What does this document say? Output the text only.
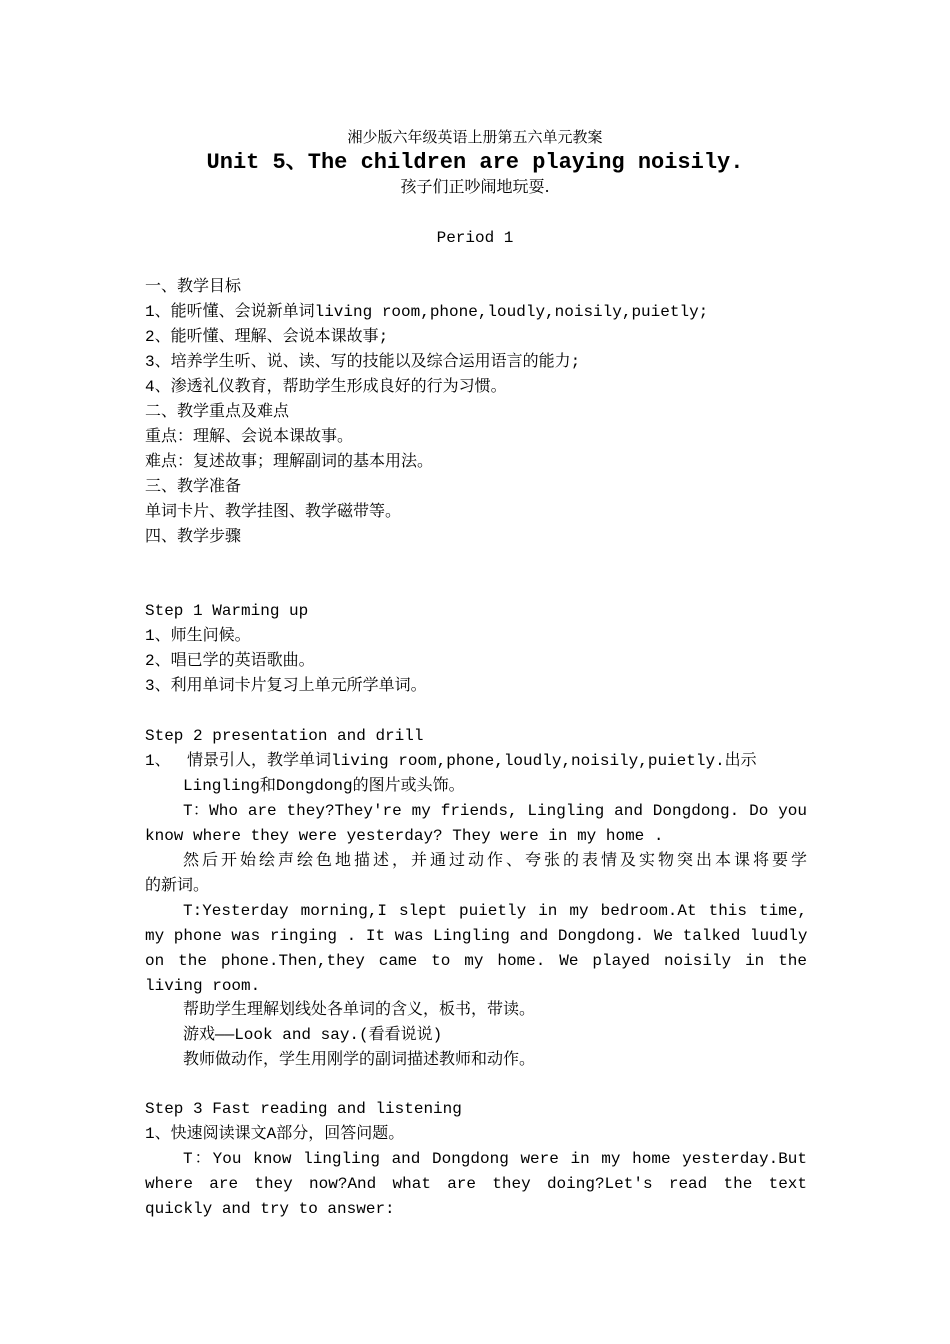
湘少版六年级英语上册第五六单元教案
Unit 5、The children are playing noisily.
孩子们正吵闹地玩耍.
Period 1
一、教学目标
1、能听懂、会说新单词living room,phone,loudly,noisily,puietly;
2、能听懂、理解、会说本课故事;
3、培养学生听、说、读、写的技能以及综合运用语言的能力;
4、渗透礼仪教育，帮助学生形成良好的行为习惯。
二、教学重点及难点
重点：理解、会说本课故事。
难点：复述故事；理解副词的基本用法。
三、教学准备
单词卡片、教学挂图、教学磁带等。
四、教学步骤
Step 1 Warming up
1、师生问候。
2、唱已学的英语歌曲。
3、利用单词卡片复习上单元所学单词。
Step 2 presentation and drill
1、 情景引人，教学单词living room,phone,loudly,noisily,puietly.出示
Lingling和Dongdong的图片或头饰。
T：Who are they?They're my friends, Lingling and Dongdong. Do you
know where they were yesterday? They were in my home .
然后开始绘声绘色地描述，并通过动作、夸张的表情及实物突出本课将要学
的新词。
T:Yesterday morning,I slept puietly in my bedroom.At this time,
my phone was ringing . It was Lingling and Dongdong. We talked luudly
on the phone.Then,they came to my home. We played noisily in the
living room.
帮助学生理解划线处各单词的含义，板书，带读。
游戏——Look and say.(看看说说)
教师做动作，学生用刚学的副词描述教师和动作。
Step 3 Fast reading and listening
1、快速阅读课文A部分，回答问题。
T：You know lingling and Dongdong were in my home yesterday.But
where are they now?And what are they doing?Let's read the text
quickly and try to answer:
